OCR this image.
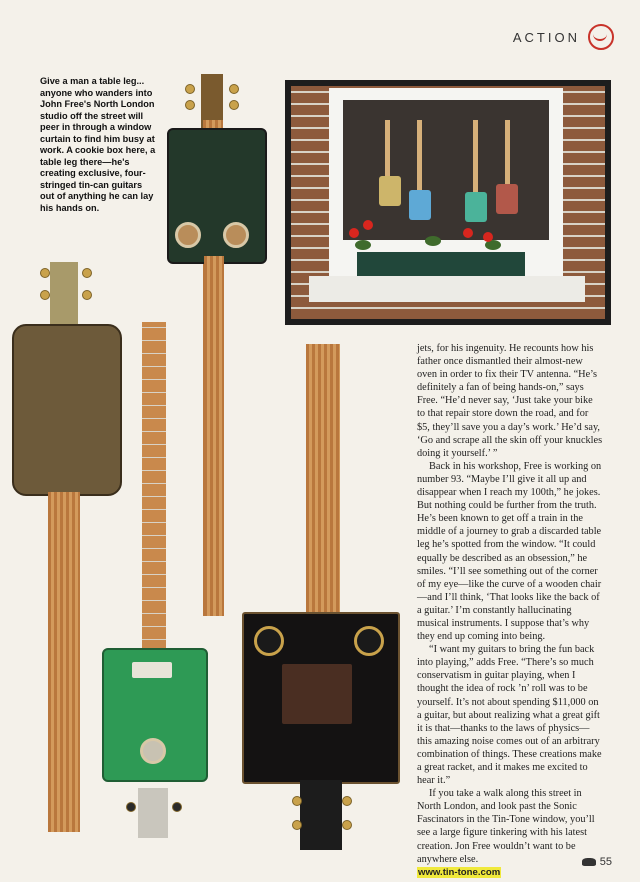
ACTION
Give a man a table leg... anyone who wanders into John Free's North London studio off the street will peer in through a window curtain to find him busy at work. A cookie box here, a table leg there—he's creating exclusive, four-stringed tin-can guitars out of anything he can lay his hands on.

jets, for his ingenuity. He recounts how his father once dismantled their almost-new oven in order to fix their TV antenna. “He’s definitely a fan of being hands-on,” says Free. “He’d never say, ‘Just take your bike to that repair store down the road, and for $5, they’ll save you a day’s work.’ He’d say, ‘Go and scrape all the skin off your knuckles doing it yourself.’ ”

Back in his workshop, Free is working on number 93. “Maybe I’ll give it all up and disappear when I reach my 100th,” he jokes. But nothing could be further from the truth. He’s been known to get off a train in the middle of a journey to grab a discarded table leg he’s spotted from the window. “It could equally be described as an obsession,” he smiles. “I’ll see something out of the corner of my eye—like the curve of a wooden chair—and I’ll think, ‘That looks like the back of a guitar.’ I’m constantly hallucinating musical instruments. I suppose that’s why they end up coming into being.

“I want my guitars to bring the fun back into playing,” adds Free. “There’s so much conservatism in guitar playing, when I thought the idea of rock ’n’ roll was to be yourself. It’s not about spending $11,000 on a guitar, but about realizing what a great gift it is that—thanks to the laws of physics—this amazing noise comes out of an arbitrary combination of things. These creations make a great racket, and it makes me excited to hear it.”

If you take a walk along this street in North London, and look past the Sonic Fascinators in the Tin-Tone window, you’ll see a large figure tinkering with his latest creation. Jon Free wouldn’t want to be anywhere else.

www.tin-tone.com
55
